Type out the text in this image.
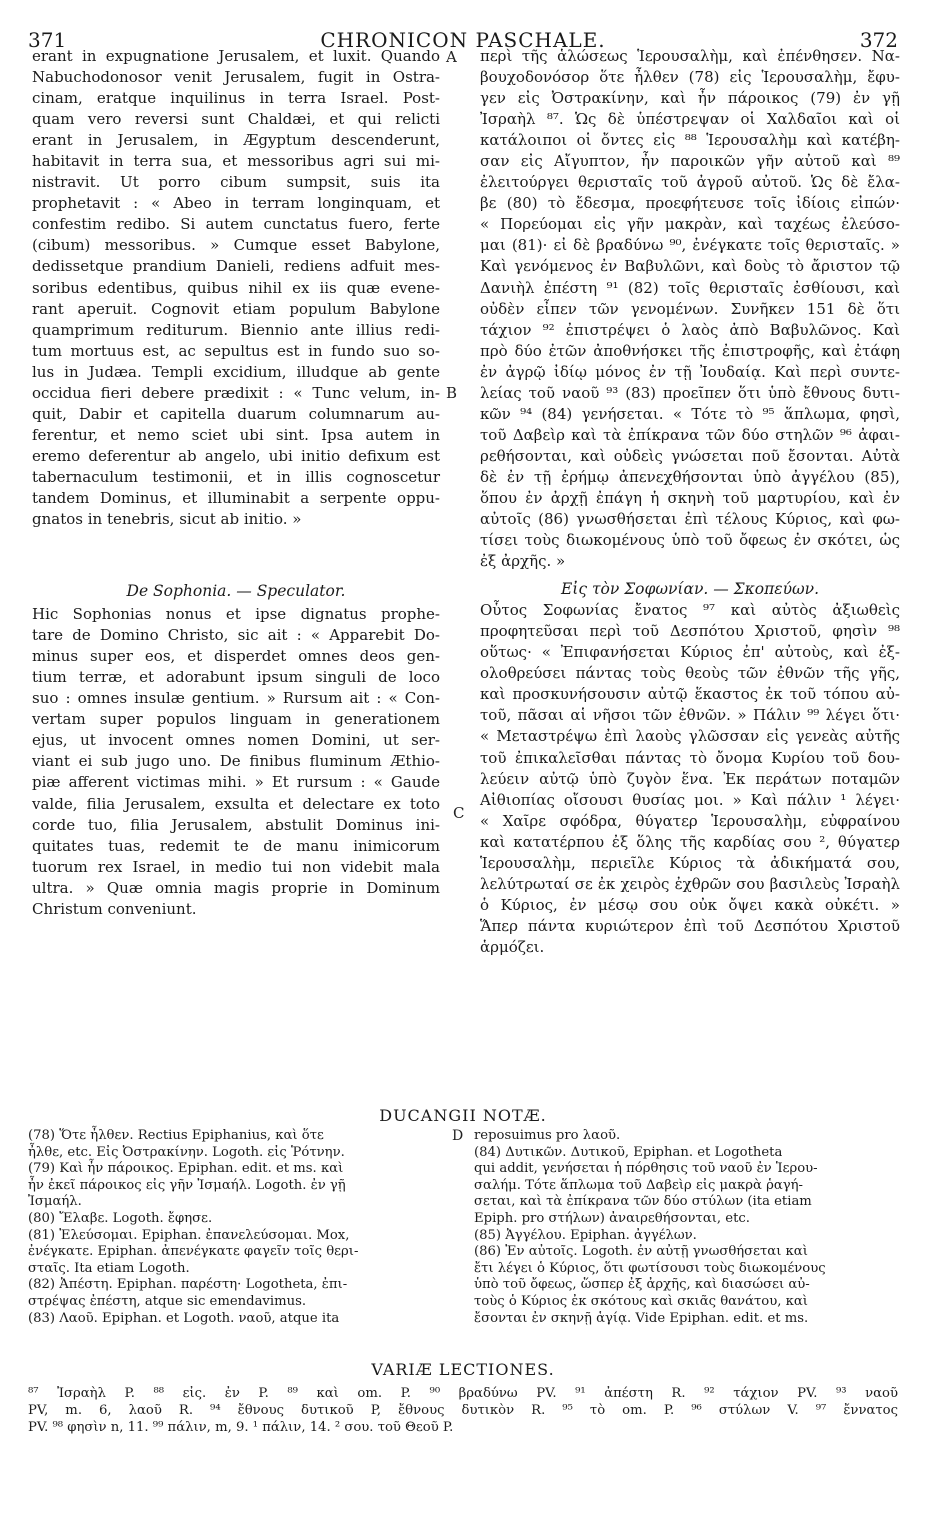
371	CHRONICON PASCHALE.	372

erant in expugnatione Jerusalem, et luxit. Quando

Nabuchodonosor venit Jerusalem, fugit in Ostra-

cinam, eratque inquilinus in terra Israel. Post-

quam vero reversi sunt Chaldæi, et qui relicti

erant in Jerusalem, in Ægyptum descenderunt,

habitavit in terra sua, et messoribus agri sui mi-

nistravit. Ut porro cibum sumpsit, suis ita

prophetavit : « Abeo in terram longinquam, et

confestim redibo. Si autem cunctatus fuero, ferte

(cibum) messoribus. » Cumque esset Babylone,

dedissetque prandium Danieli, rediens adfuit mes-

soribus edentibus, quibus nihil ex iis quæ evene-

rant aperuit. Cognovit etiam populum Babylone

quamprimum rediturum. Biennio ante illius redi-

tum mortuus est, ac sepultus est in fundo suo so-

lus in Judæa. Templi excidium, illudque ab gente

occidua fieri debere prædixit : « Tunc velum, in-

quit, Dabir et capitella duarum columnarum au-

ferentur, et nemo sciet ubi sint. Ipsa autem in

eremo deferentur ab angelo, ubi initio defixum est

tabernaculum testimonii, et in illis cognoscetur

tandem Dominus, et illuminabit a serpente oppu-

gnatos in tenebris, sicut ab initio. »

De Sophonia. — Speculator.

Hic Sophonias nonus et ipse dignatus prophe-

tare de Domino Christo, sic ait : « Apparebit Do-

minus super eos, et disperdet omnes deos gen-

tium terræ, et adorabunt ipsum singuli de loco

suo : omnes insulæ gentium. » Rursum ait : « Con-

vertam super populos linguam in generationem

ejus, ut invocent omnes nomen Domini, ut ser-

viant ei sub jugo uno. De finibus fluminum Æthio-

piæ afferent victimas mihi. » Et rursum : « Gaude

valde, filia Jerusalem, exsulta et delectare ex toto

corde tuo, filia Jerusalem, abstulit Dominus ini-

quitates tuas, redemit te de manu inimicorum

tuorum rex Israel, in medio tui non videbit mala

ultra. » Quæ omnia magis proprie in Dominum

Christum conveniunt.

A
B
C

περὶ τῆς ἁλώσεως Ἱερουσαλὴμ, καὶ ἐπένθησεν. Να-

βουχοδονόσορ ὅτε ἦλθεν (78) εἰς Ἱερουσαλὴμ, ἔφυ-

γεν εἰς Ὀστρακίνην, καὶ ἦν πάροικος (79) ἐν γῇ

Ἰσραὴλ ⁸⁷. Ὡς δὲ ὑπέστρεψαν οἱ Χαλδαῖοι καὶ οἱ

κατάλοιποι οἱ ὄντες εἰς ⁸⁸ Ἱερουσαλὴμ καὶ κατέβη-

σαν εἰς Αἴγυπτον, ἦν παροικῶν γῆν αὐτοῦ καὶ ⁸⁹

ἐλειτούργει θερισταῖς τοῦ ἀγροῦ αὐτοῦ. Ὡς δὲ ἔλα-

βε (80) τὸ ἔδεσμα, προεφήτευσε τοῖς ἰδίοις εἰπών·

« Πορεύομαι εἰς γῆν μακρὰν, καὶ ταχέως ἐλεύσο-

μαι (81)· εἰ δὲ βραδύνω ⁹⁰, ἐνέγκατε τοῖς θερισταῖς. »

Καὶ γενόμενος ἐν Βαβυλῶνι, καὶ δοὺς τὸ ἄριστον τῷ

Δανιὴλ ἐπέστη ⁹¹ (82) τοῖς θερισταῖς ἐσθίουσι, καὶ

οὐδὲν εἶπεν τῶν γενομένων. Συνῆκεν 151 δὲ ὅτι

τάχιον ⁹² ἐπιστρέψει ὁ λαὸς ἀπὸ Βαβυλῶνος. Καὶ

πρὸ δύο ἐτῶν ἀποθνήσκει τῆς ἐπιστροφῆς, καὶ ἐτάφη

ἐν ἀγρῷ ἰδίῳ μόνος ἐν τῇ Ἰουδαίᾳ. Καὶ περὶ συντε-

λείας τοῦ ναοῦ ⁹³ (83) προεῖπεν ὅτι ὑπὸ ἔθνους δυτι-

κῶν ⁹⁴ (84) γενήσεται. « Τότε τὸ ⁹⁵ ἅπλωμα, φησὶ,

τοῦ Δαβεὶρ καὶ τὰ ἐπίκρανα τῶν δύο στηλῶν ⁹⁶ ἀφαι-

ρεθήσονται, καὶ οὐδεὶς γνώσεται ποῦ ἔσονται. Αὐτὰ

δὲ ἐν τῇ ἐρήμῳ ἀπενεχθήσονται ὑπὸ ἀγγέλου (85),

ὅπου ἐν ἀρχῇ ἐπάγη ἡ σκηνὴ τοῦ μαρτυρίου, καὶ ἐν

αὐτοῖς (86) γνωσθήσεται ἐπὶ τέλους Κύριος, καὶ φω-

τίσει τοὺς διωκομένους ὑπὸ τοῦ ὄφεως ἐν σκότει, ὡς

ἐξ ἀρχῆς. »

Εἰς τὸν Σοφωνίαν. — Σκοπεύων.

Οὗτος Σοφωνίας ἔνατος ⁹⁷ καὶ αὐτὸς ἀξιωθεὶς

προφητεῦσαι περὶ τοῦ Δεσπότου Χριστοῦ, φησὶν ⁹⁸

οὕτως· « Ἐπιφανήσεται Κύριος ἐπ' αὐτοὺς, καὶ ἐξ-

ολοθρεύσει πάντας τοὺς θεοὺς τῶν ἐθνῶν τῆς γῆς,

καὶ προσκυνήσουσιν αὐτῷ ἕκαστος ἐκ τοῦ τόπου αὐ-

τοῦ, πᾶσαι αἱ νῆσοι τῶν ἐθνῶν. » Πάλιν ⁹⁹ λέγει ὅτι·

« Μεταστρέψω ἐπὶ λαοὺς γλῶσσαν εἰς γενεὰς αὐτῆς

τοῦ ἐπικαλεῖσθαι πάντας τὸ ὄνομα Κυρίου τοῦ δου-

λεύειν αὐτῷ ὑπὸ ζυγὸν ἕνα. Ἐκ περάτων ποταμῶν

Αἰθιοπίας οἴσουσι θυσίας μοι. » Καὶ πάλιν ¹ λέγει·

« Χαῖρε σφόδρα, θύγατερ Ἱερουσαλὴμ, εὐφραίνου

καὶ κατατέρπου ἐξ ὅλης τῆς καρδίας σου ², θύγατερ

Ἱερουσαλὴμ, περιεῖλε Κύριος τὰ ἀδικήματά σου,

λελύτρωταί σε ἐκ χειρὸς ἐχθρῶν σου βασιλεὺς Ἰσραὴλ

ὁ Κύριος, ἐν μέσῳ σου οὐκ ὄψει κακὰ οὐκέτι. »

Ἅπερ πάντα κυριώτερον ἐπὶ τοῦ Δεσπότου Χριστοῦ

ἁρμόζει.

DUCANGII NOTÆ.
D

(78) Ὅτε ἦλθεν. Rectius Epiphanius, καὶ ὅτε

ἦλθε, etc. Εἰς Ὀστρακίνην. Logoth. εἰς Ῥότνην.

(79) Καὶ ἦν πάροικος. Epiphan. edit. et ms. καὶ

ἦν ἐκεῖ πάροικος εἰς γῆν Ἰσμαήλ. Logoth. ἐν γῇ

Ἰσμαήλ.

(80) Ἔλαβε. Logoth. ἔφησε.

(81) Ἐλεύσομαι. Epiphan. ἐπανελεύσομαι. Mox,

ἐνέγκατε. Epiphan. ἀπενέγκατε φαγεῖν τοῖς θερι-

σταῖς. Ita etiam Logoth.

(82) Ἀπέστη. Epiphan. παρέστη· Logotheta, ἐπι-

στρέψας ἐπέστη, atque sic emendavimus.

(83) Λαοῦ. Epiphan. et Logoth. ναοῦ, atque ita

reposuimus pro λαοῦ.

(84) Δυτικῶν. Δυτικοῦ, Epiphan. et Logotheta

qui addit, γενήσεται ἡ πόρθησις τοῦ ναοῦ ἐν Ἱερου-

σαλήμ. Τότε ἅπλωμα τοῦ Δαβεὶρ εἰς μακρὰ ῥαγή-

σεται, καὶ τὰ ἐπίκρανα τῶν δύο στύλων (ita etiam

Epiph. pro στήλων) ἀναιρεθήσονται, etc.

(85) Ἀγγέλου. Epiphan. ἀγγέλων.

(86) Ἐν αὐτοῖς. Logoth. ἐν αὐτῇ γνωσθήσεται καὶ

ἔτι λέγει ὁ Κύριος, ὅτι φωτίσουσι τοὺς διωκομένους

ὑπὸ τοῦ ὄφεως, ὥσπερ ἐξ ἀρχῆς, καὶ διασώσει αὐ-

τοὺς ὁ Κύριος ἐκ σκότους καὶ σκιᾶς θανάτου, καὶ

ἔσονται ἐν σκηνῇ ἁγίᾳ. Vide Epiphan. edit. et ms.

VARIÆ LECTIONES.

⁸⁷ Ἰσραὴλ P. ⁸⁸ εἰς. ἐν P. ⁸⁹ καὶ om. P. ⁹⁰ βραδύνω PV. ⁹¹ ἀπέστη R. ⁹² τάχιον PV. ⁹³ ναοῦ

PV, m. 6, λαοῦ R. ⁹⁴ ἔθνους δυτικοῦ P, ἔθνους δυτικὸν R. ⁹⁵ τὸ om. P. ⁹⁶ στύλων V. ⁹⁷ ἔννατος

PV. ⁹⁸ φησὶν n, 11. ⁹⁹ πάλιν, m, 9. ¹ πάλιν, 14. ² σου. τοῦ Θεοῦ P.
